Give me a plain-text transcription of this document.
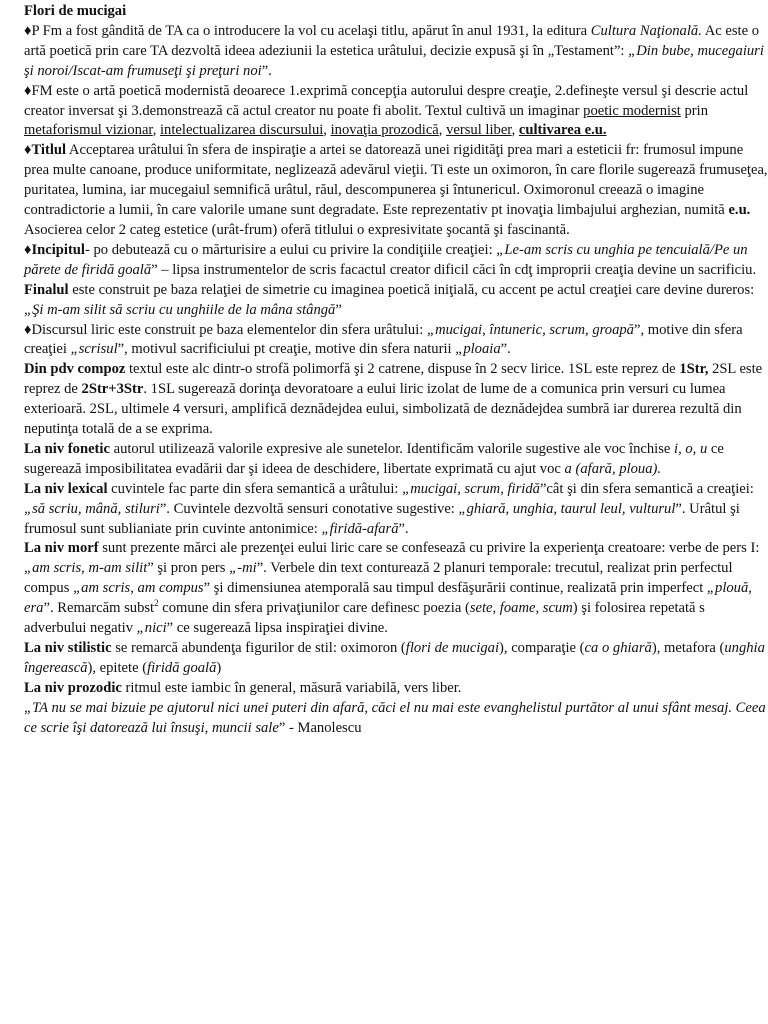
Flori de mucigai

♦P Fm a fost gândită de TA ca o introducere la vol cu acelaşi titlu, apărut în anul 1931, la editura Cultura Naţională. Ac este o artă poetică prin care TA dezvoltă ideea adeziunii la estetica urâtului, decizie expusă şi în „Testament”: „Din bube, mucegaiuri şi noroi/Iscat-am frumuseţi şi preţuri noi”.

♦FM este o artă poetică modernistă deoarece 1.exprimă concepţia autorului despre creaţie, 2.defineşte versul şi descrie actul creator inversat şi 3.demonstrează că actul creator nu poate fi abolit. Textul cultivă un imaginar poetic modernist prin metaforismul vizionar, intelectualizarea discursului, inovaţia prozodică, versul liber, cultivarea e.u.

♦Titlul Acceptarea urâtului în sfera de inspiraţie a artei se datorează unei rigidităţi prea mari a esteticii fr: frumosul impune prea multe canoane, produce uniformitate, neglizează adevărul vieţii. Ti este un oximoron, în care florile sugerează frumuseţea, puritatea, lumina, iar mucegaiul semnifică urâtul, răul, descompunerea şi întunericul. Oximoronul creează o imagine contradictorie a lumii, în care valorile umane sunt degradate. Este reprezentativ pt inovaţia limbajului arghezian, numită e.u. Asocierea celor 2 categ estetice (urât-frum) oferă titlului o expresivitate şocantă şi fascinantă.

♦Incipitul- po debutează cu o mărturisire a eului cu privire la condiţiile creaţiei: „Le-am scris cu unghia pe tencuială/Pe un părete de firidă goală” – lipsa instrumentelor de scris facactul creator dificil căci în cdţ improprii creaţia devine un sacrificiu. Finalul este construit pe baza relaţiei de simetrie cu imaginea poetică iniţială, cu accent pe actul creaţiei care devine dureros: „Şi m-am silit să scriu cu unghiile de la mâna stângă”

♦Discursul liric este construit pe baza elementelor din sfera urâtului: „mucigai, întuneric, scrum, groapă”, motive din sfera creaţiei „scrisul”, motivul sacrificiului pt creaţie, motive din sfera naturii „ploaia”.

Din pdv compoz textul este alc dintr-o strofă polimorfă şi 2 catrene, dispuse în 2 secv lirice. 1SL este reprez de 1Str, 2SL este reprez de 2Str+3Str. 1SL sugerează dorinţa devoratoare a eului liric izolat de lume de a comunica prin versuri cu lumea exterioară. 2SL, ultimele 4 versuri, amplifică deznădejdea eului, simbolizată de deznădejdea sumbră iar durerea rezultă din neputinţa totală de a se exprima.

La niv fonetic autorul utilizează valorile expresive ale sunetelor. Identificăm valorile sugestive ale voc închise i, o, u ce sugerează imposibilitatea evadării dar şi ideea de deschidere, libertate exprimată cu ajut voc a (afară, ploua).

La niv lexical cuvintele fac parte din sfera semantică a urâtului: „mucigai, scrum, firidă”cât şi din sfera semantică a creaţiei: „să scriu, mână, stiluri”. Cuvintele dezvoltă sensuri conotative sugestive: „ghiară, unghia, taurul leul, vulturul”. Urâtul şi frumosul sunt sublianiate prin cuvinte antonimice: „firidă-afară”.

La niv morf sunt prezente mărci ale prezenţei eului liric care se confesează cu privire la experienţa creatoare: verbe de pers I: „am scris, m-am silit” şi pron pers „-mi”. Verbele din text conturează 2 planuri temporale: trecutul, realizat prin perfectul compus „am scris, am compus” şi dimensiunea atemporală sau timpul desfăşurării continue, realizată prin imperfect „plouă, era”. Remarcăm subst$^2$ comune din sfera privaţiunilor care definesc poezia (sete, foame, scum) şi folosirea repetată s adverbului negativ „nici” ce sugerează lipsa inspiraţiei divine.

La niv stilistic se remarcă abundenţa figurilor de stil: oximoron (flori de mucigai), comparaţie (ca o ghiară), metafora (unghia îngerească), epitete (firidă goală)

La niv prozodic ritmul este iambic în general, măsură variabilă, vers liber.

„TA nu se mai bizuie pe ajutorul nici unei puteri din afară, căci el nu mai este evanghelistul purtător al unui sfânt mesaj. Ceea ce scrie îşi datorează lui însuşi, muncii sale” - Manolescu
